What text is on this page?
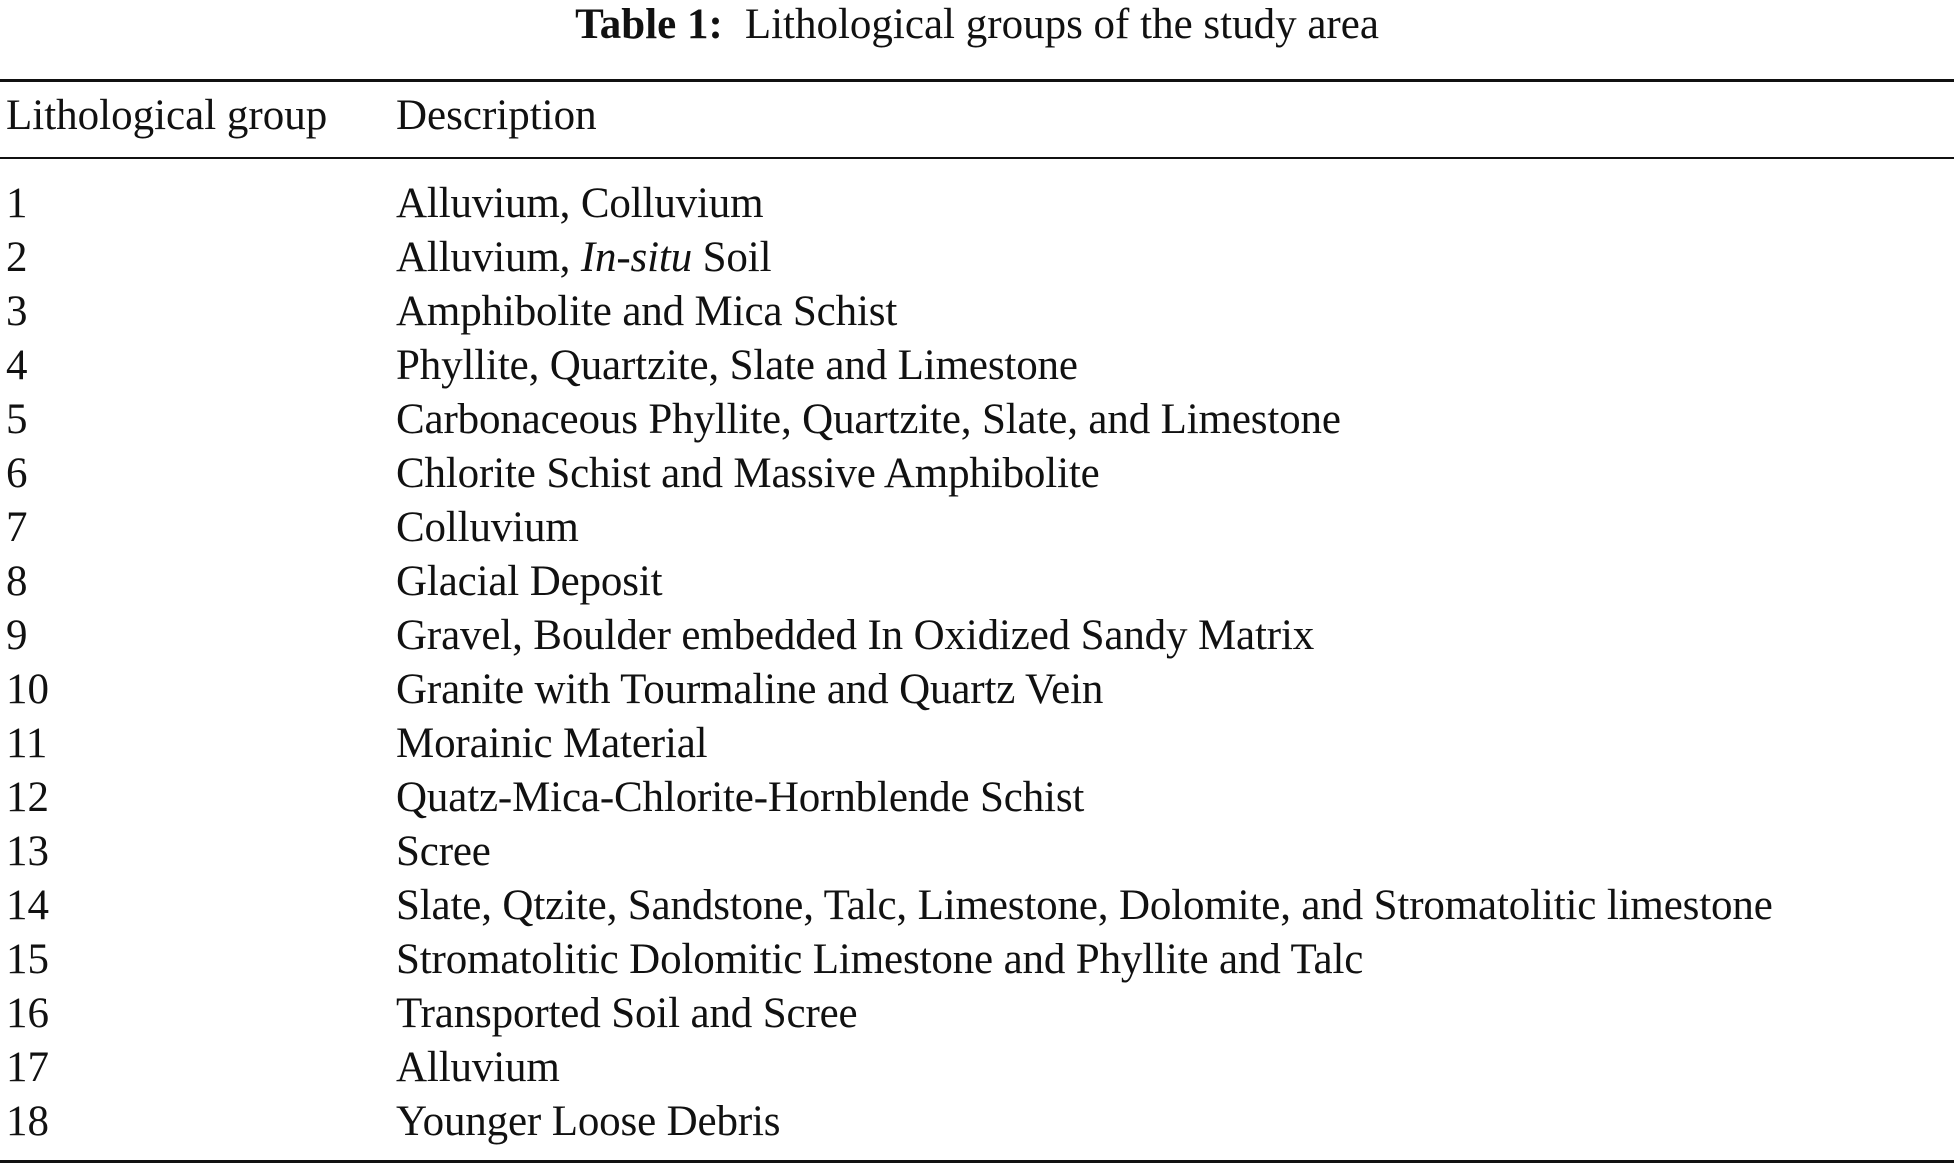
Table 1: Lithological groups of the study area
Lithological group Description
1	Alluvium, Colluvium
2	Alluvium, In-situ Soil
3	Amphibolite and Mica Schist
4	Phyllite, Quartzite, Slate and Limestone
5	Carbonaceous Phyllite, Quartzite, Slate, and Limestone
6	Chlorite Schist and Massive Amphibolite
7	Colluvium
8	Glacial Deposit
9	Gravel, Boulder embedded In Oxidized Sandy Matrix
10	Granite with Tourmaline and Quartz Vein
11	Morainic Material
12	Quatz-Mica-Chlorite-Hornblende Schist
13	Scree
14	Slate, Qtzite, Sandstone, Talc, Limestone, Dolomite, and Stromatolitic limestone
15	Stromatolitic Dolomitic Limestone and Phyllite and Talc
16	Transported Soil and Scree
17	Alluvium
18	Younger Loose Debris
